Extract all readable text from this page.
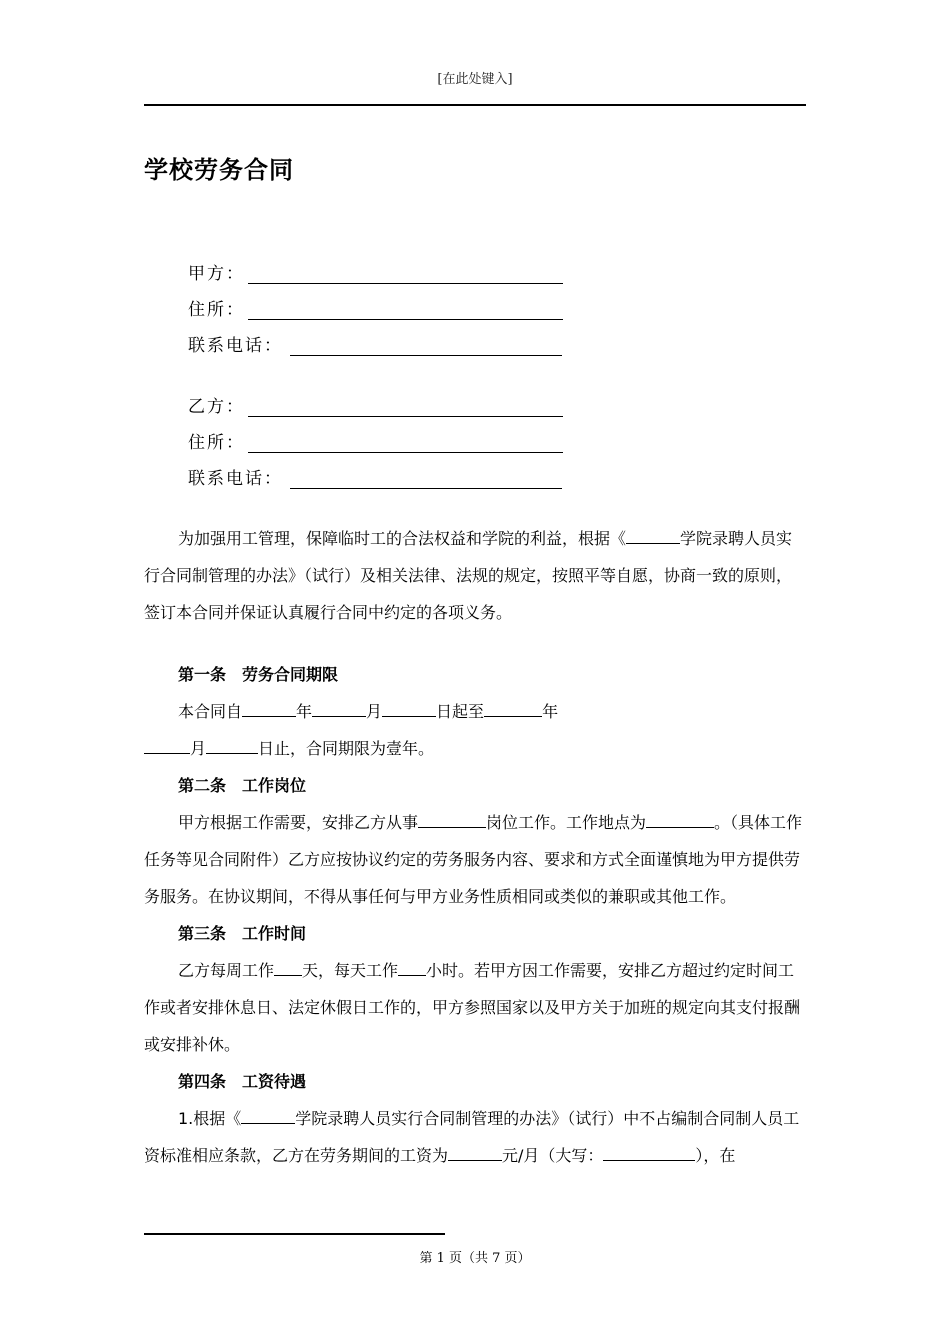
[在此处键入]
学校劳务合同
甲方：
住所：
联系电话：
乙方：
住所：
联系电话：

为加强用工管理，保障临时工的合法权益和学院的利益，根据《	学院录聘人员实行合同制管理的办法》（试行）及相关法律、法规的规定，按照平等自愿，协商一致的原则，签订本合同并保证认真履行合同中约定的各项义务。

第一条　劳务合同期限

本合同自	年	月	日起至	年

月	日止，合同期限为壹年。

第二条　工作岗位

甲方根据工作需要，安排乙方从事	岗位工作。工作地点为	。（具体工作任务等见合同附件）乙方应按协议约定的劳务服务内容、要求和方式全面谨慎地为甲方提供劳务服务。在协议期间，不得从事任何与甲方业务性质相同或类似的兼职或其他工作。

第三条　工作时间

乙方每周工作 天，每天工作 小时。若甲方因工作需要，安排乙方超过约定时间工作或者安排休息日、法定休假日工作的，甲方参照国家以及甲方关于加班的规定向其支付报酬或安排补休。

第四条　工资待遇

1.根据《	学院录聘人员实行合同制管理的办法》（试行）中不占编制合同制人员工资标准相应条款，乙方在劳务期间的工资为	元/月（大写：	），在

第 1 页（共 7 页）
